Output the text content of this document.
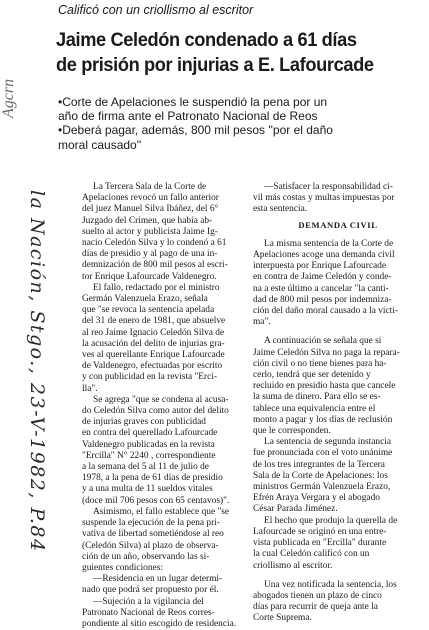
Calificó con un criollismo al escritor
Jaime Celedón condenado a 61 días
de prisión por injurias a E. Lafourcade

•Corte de Apelaciones le suspendió la pena por un
año de firma ante el Patronato Nacional de Reos

•Deberá pagar, además, 800 mil pesos ''por el daño
moral causado''

Agcrn
la Nación, Stgo., 23-V-1982, P.84
La Tercera Sala de la Corte de
Apelaciones revocó un fallo anterior
del juez Manuel Silva Ibáñez, del 6°
Juzgado del Crimen, que había ab-
suelto al actor y publicista Jaime Ig-
nacio Celedón Silva y lo condenó a 61
días de presidio y al pago de una in-
demnización de 800 mil pesos al escri-
tor Enrique Lafourcade Valdenegro.
El fallo, redactado por el ministro
Germán Valenzuela Erazo, señala
que "se revoca la sentencia apelada
del 31 de enero de 1981, que absuelve
al reo Jaime Ignacio Celedón Silva de
la acusación del delito de injurias gra-
ves al querellante Enrique Lafourcade
de Valdenegro, efectuadas por escrito
y con publicidad en la revista "Erci-
lla".
Se agrega "que se condena al acusa-
do Celedón Silva como autor del delito
de injurias graves con publicidad
en contra del querellado Lafourcade
Valdenegro publicadas en la revista
"Ercilla" N° 2240 , correspondiente
a la semana del 5 al 11 de julio de
1978, a la pena de 61 días de presidio
y a una multa de 11 sueldos vitales
(doce mil 706 pesos con 65 centavos)".
Asimismo, el fallo establece que "se
suspende la ejecución de la pena pri-
vativa de libertad sometiéndose al reo
(Celedón Silva) al plazo de observa-
ción de un año, observando las si-
guientes condiciones:
—Residencia en un lugar determi-
nado que podrá ser propuesto por él.
—Sujeción a la vigilancia del
Patronato Nacional de Reos corres-
pondiente al sitio escogido de residencia.
—Satisfacer la responsabilidad ci-
vil más costas y multas impuestas por
esta sentencia.
DEMANDA CIVIL
La misma sentencia de la Corte de
Apelaciones acoge una demanda civil
interpuesta por Enrique Lafourcade
en contra de Jaime Celedón y conde-
na a este último a cancelar "la canti-
dad de 800 mil pesos por indemniza-
ción del daño moral causado a la vícti-
ma".
A continuación se señala que si
Jaime Celedón Silva no paga la repara-
ción civil o no tiene bienes para ha-
cerlo, tendrá que ser detenido y
recluido en presidio hasta que cancele
la suma de dinero. Para ello se es-
tablece una equivalencia entre el
monto a pagar y los días de reclusión
que le corresponden.
La sentencia de segunda instancia
fue pronunciada con el voto unánime
de los tres integrantes de la Tercera
Sala de la Corte de Apelaciones: los
ministros Germán Valenzuela Erazo,
Efrén Araya Vergara y el abogado
César Parada Jiménez.
El hecho que produjo la querella de
Lafourcade se originó en una entre-
vista publicada en "Ercilla" durante
la cual Celedón calificó con un
criollismo al escritor.
Una vez notificada la sentencia, los
abogados tienen un plazo de cinco
días para recurrir de queja ante la
Corte Suprema.
